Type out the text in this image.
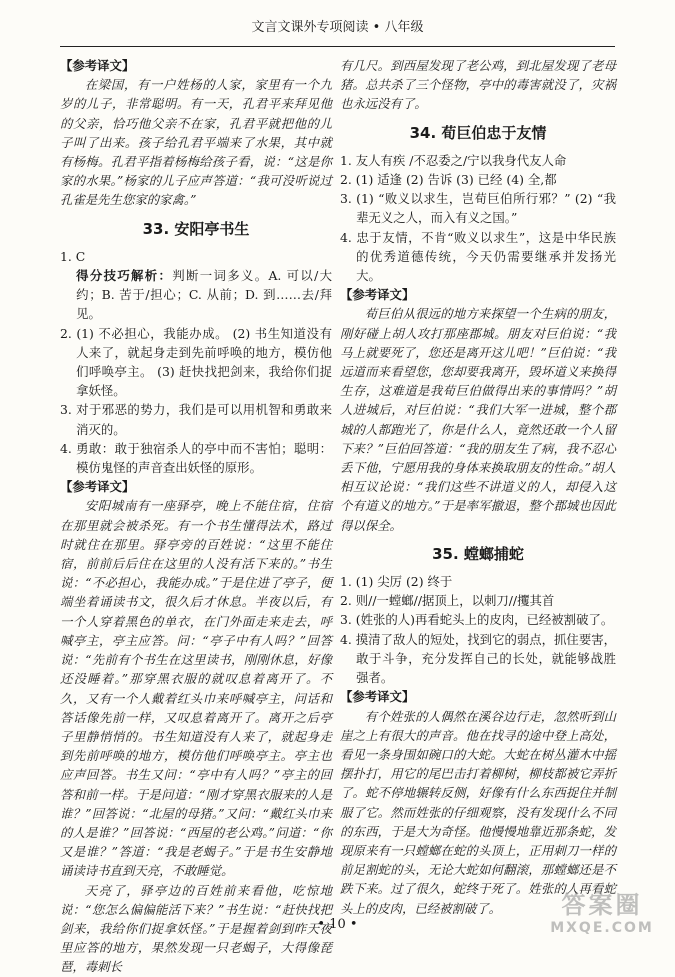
文言文课外专项阅读 • 八年级
【参考译文】

在梁国，有一户姓杨的人家，家里有一个九岁的儿子，非常聪明。有一天，孔君平来拜见他的父亲，恰巧他父亲不在家，孔君平就把他的儿子叫了出来。孩子给孔君平端来了水果，其中就有杨梅。孔君平指着杨梅给孩子看，说：“这是你家的水果。”杨家的儿子应声答道：“我可没听说过孔雀是先生您家的家禽。”

33. 安阳亭书生

1. C

得分技巧解析：判断一词多义。A. 可以/大约；B. 苦于/担心；C. 从前；D. 到……去/拜见。

2. (1) 不必担心，我能办成。 (2) 书生知道没有人来了，就起身走到先前呼唤的地方，模仿他们呼唤亭主。 (3) 赶快找把剑来，我给你们捉拿妖怪。

3. 对于邪恶的势力，我们是可以用机智和勇敢来消灭的。

4. 勇敢：敢于独宿杀人的亭中而不害怕；聪明：模仿鬼怪的声音查出妖怪的原形。

【参考译文】

安阳城南有一座驿亭，晚上不能住宿，住宿在那里就会被杀死。有一个书生懂得法术，路过时就住在那里。驿亭旁的百姓说：“这里不能住宿，前前后后住在这里的人没有活下来的。”书生说：“不必担心，我能办成。”于是住进了亭子，便端坐着诵读书文，很久后才休息。半夜以后，有一个人穿着黑色的单衣，在门外面走来走去，呼喊亭主，亭主应答。问：“亭子中有人吗？”回答说：“先前有个书生在这里读书，刚刚休息，好像还没睡着。”那穿黑衣服的就叹息着离开了。不久，又有一个人戴着红头巾来呼喊亭主，问话和答话像先前一样，又叹息着离开了。离开之后亭子里静悄悄的。书生知道没有人来了，就起身走到先前呼唤的地方，模仿他们呼唤亭主。亭主也应声回答。书生又问：“亭中有人吗？”亭主的回答和前一样。于是问道：“刚才穿黑衣服来的人是谁？”回答说：“北屋的母猪。”又问：“戴红头巾来的人是谁？”回答说：“西屋的老公鸡。”问道：“你又是谁？”答道：“我是老蝎子。”于是书生安静地诵读诗书直到天亮，不敢睡觉。

天亮了，驿亭边的百姓前来看他，吃惊地说：“您怎么偏偏能活下来？”书生说：“赶快找把剑来，我给你们捉拿妖怪。”于是握着剑到昨天夜里应答的地方，果然发现一只老蝎子，大得像琵琶，毒刺长

有几尺。到西屋发现了老公鸡，到北屋发现了老母猪。总共杀了三个怪物，亭中的毒害就没了，灾祸也永远没有了。

34. 荀巨伯忠于友情

1. 友人有疾 /不忍委之/宁以我身代友人命

2. (1) 适逢 (2) 告诉 (3) 已经 (4) 全,都

3. (1) “败义以求生，岂荀巨伯所行邪？” (2) “我辈无义之人，而入有义之国。”

4. 忠于友情，不肯“败义以求生”，这是中华民族的优秀道德传统，今天仍需要继承并发扬光大。

【参考译文】

荀巨伯从很远的地方来探望一个生病的朋友，刚好碰上胡人攻打那座郡城。朋友对巨伯说：“我马上就要死了，您还是离开这儿吧！”巨伯说：“我远道而来看望您，您却要我离开，毁坏道义来换得生存，这难道是我荀巨伯做得出来的事情吗？”胡人进城后，对巨伯说：“我们大军一进城，整个郡城的人都跑光了，你是什么人，竟然还敢一个人留下来？”巨伯回答道：“我的朋友生了病，我不忍心丢下他，宁愿用我的身体来换取朋友的性命。”胡人相互议论说：“我们这些不讲道义的人，却侵入这个有道义的地方。”于是率军撤退，整个郡城也因此得以保全。

35. 螳螂捕蛇

1. (1) 尖厉 (2) 终于

2. 则//一螳螂//据顶上，以刺刀//攫其首

3. (姓张的人)再看蛇头上的皮肉，已经被割破了。

4. 摸清了敌人的短处，找到它的弱点，抓住要害，敢于斗争，充分发挥自己的长处，就能够战胜强者。

【参考译文】

有个姓张的人偶然在溪谷边行走，忽然听到山崖之上有很大的声音。他在找寻的途中登上高处，看见一条身围如碗口的大蛇。大蛇在树丛灌木中摇摆扑打，用它的尾巴击打着柳树，柳枝都被它弄折了。蛇不停地辗转反侧，好像有什么东西捉住并制服了它。然而姓张的仔细观察，没有发现什么不同的东西，于是大为奇怪。他慢慢地靠近那条蛇，发现原来有一只螳螂在蛇的头顶上，正用刺刀一样的前足割蛇的头，无论大蛇如何翻滚，那螳螂还是不跌下来。过了很久，蛇终于死了。姓张的人再看蛇头上的皮肉，已经被割破了。

• 10 •
答案圈
MXQE.COM
